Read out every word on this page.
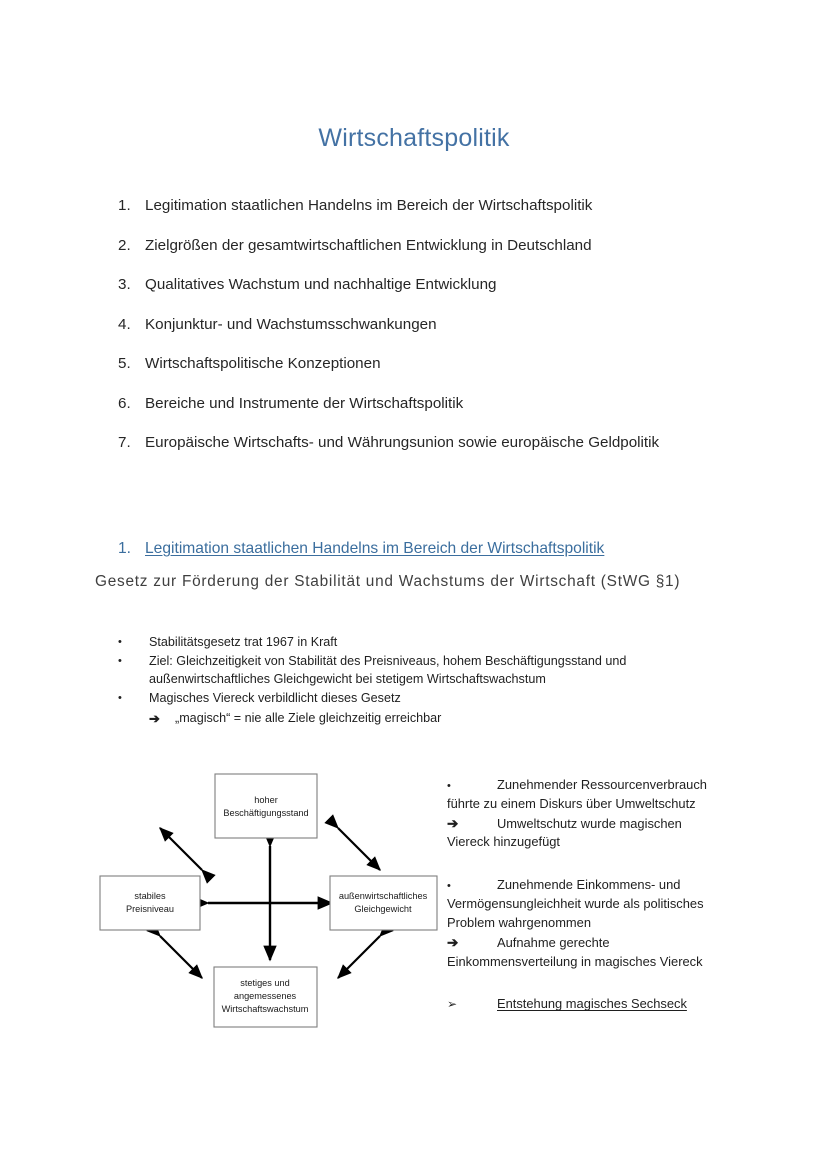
Wirtschaftspolitik
1. Legitimation staatlichen Handelns im Bereich der Wirtschaftspolitik
2. Zielgrößen der gesamtwirtschaftlichen Entwicklung in Deutschland
3. Qualitatives Wachstum und nachhaltige Entwicklung
4. Konjunktur- und Wachstumsschwankungen
5. Wirtschaftspolitische Konzeptionen
6. Bereiche und Instrumente der Wirtschaftspolitik
7. Europäische Wirtschafts- und Währungsunion sowie europäische Geldpolitik
1. Legitimation staatlichen Handelns im Bereich der Wirtschaftspolitik
Gesetz zur Förderung der Stabilität und Wachstums der Wirtschaft (StWG §1)
•	Stabilitätsgesetz trat 1967 in Kraft
•	Ziel: Gleichzeitigkeit von Stabilität des Preisniveaus, hohem Beschäftigungsstand und außenwirtschaftliches Gleichgewicht bei stetigem Wirtschaftswachstum
•	Magisches Viereck verbildlicht dieses Gesetz
➔	„magisch“ = nie alle Ziele gleichzeitig erreichbar
hoher
Beschäftigungsstand
stabiles
Preisniveau
außenwirtschaftliches
Gleichgewicht
stetiges und
angemessenes
Wirtschaftswachstum
•	Zunehmender Ressourcenverbrauch
führte zu einem Diskurs über Umweltschutz
➔	Umweltschutz wurde magischen
Viereck hinzugefügt
•	Zunehmende Einkommens- und
Vermögensungleichheit wurde als politisches
Problem wahrgenommen
➔	Aufnahme gerechte
Einkommensverteilung in magisches Viereck
➢	Entstehung magisches Sechseck
